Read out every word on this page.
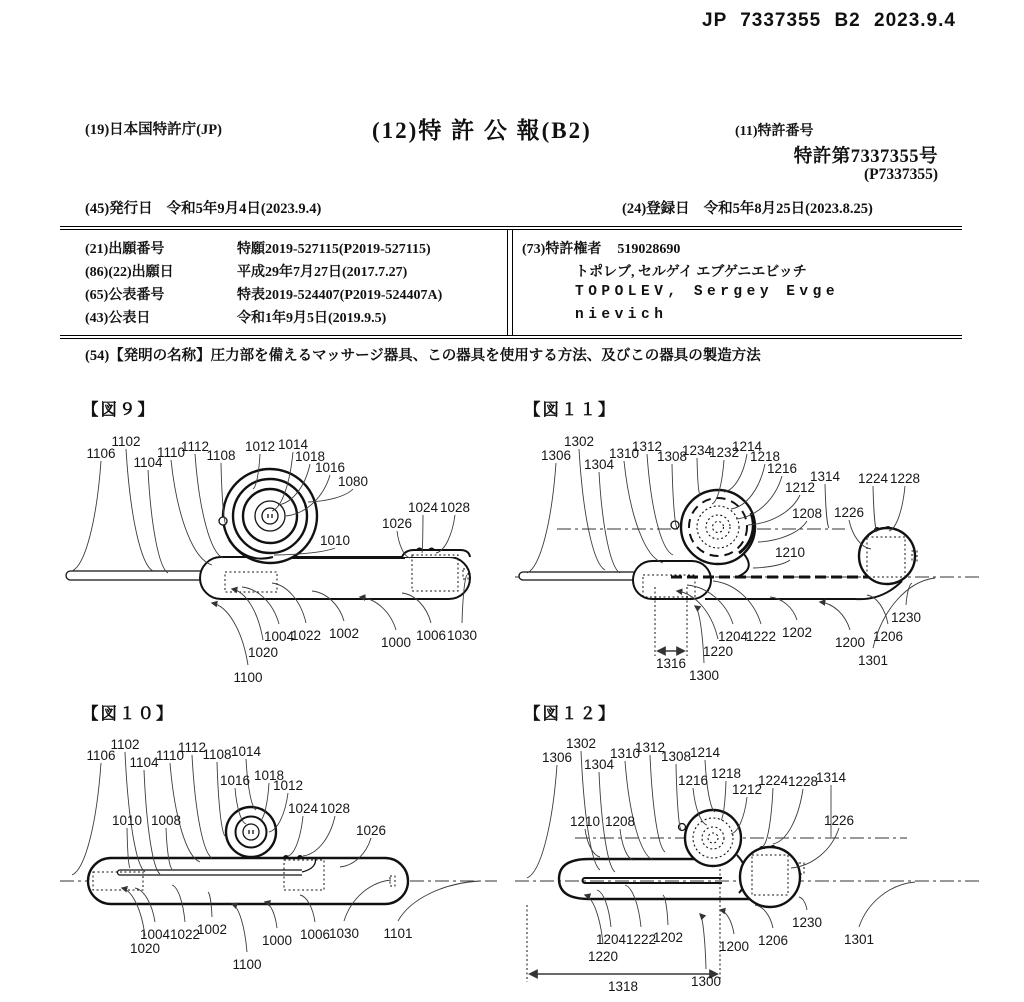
JP 7337355 B2 2023.9.4
(19)日本国特許庁(JP)	(12)特 許 公 報(B2)	(11)特許番号
特許第7337355号
(P7337355)
(45)発行日 令和5年9月4日(2023.9.4)	(24)登録日 令和5年8月25日(2023.8.25)
(21)出願番号	特願2019-527115(P2019-527115)
(86)(22)出願日	平成29年7月27日(2017.7.27)
(65)公表番号	特表2019-524407(P2019-524407A)
(43)公表日	令和1年9月5日(2019.9.5)
(73)特許権者 519028690
トポレブ, セルゲイ エブゲニエビッチ
TOPOLEV, Sergey Evge
nievich
(54)【発明の名称】圧力部を備えるマッサージ器具、この器具を使用する方法、及びこの器具の製造方法
【図９】
1106
1102
1104
1110
1112
1108
1012 1014
1018
1016
1080
1026
1024 1028
1010
1004
1022 1002
1000 1006 1030
1020
1100
【図１１】
1306
1302
1304
1310
1312
1308
1234
1232
1214
1218
1216
1212
1314 1224 1228
1226
1208
1210
1230
1204
1222 1202
1200 1206
1220
1316	1301
1300
【図１０】
1106
1102
1104
1110
1112
1108 1014
1016 1018
1012
1010 1008
1024 1028
1026
1004 1022
1002
1000 1006
1030 1101
1020
1100
【図１２】
1306
1302
1304
1310
1312
1308
1214
1216 1218
1212
1224 1228
1314
1226
1210 1208
1230
1204 1222
1202
1200 1206	1301
1220
1318	1300
